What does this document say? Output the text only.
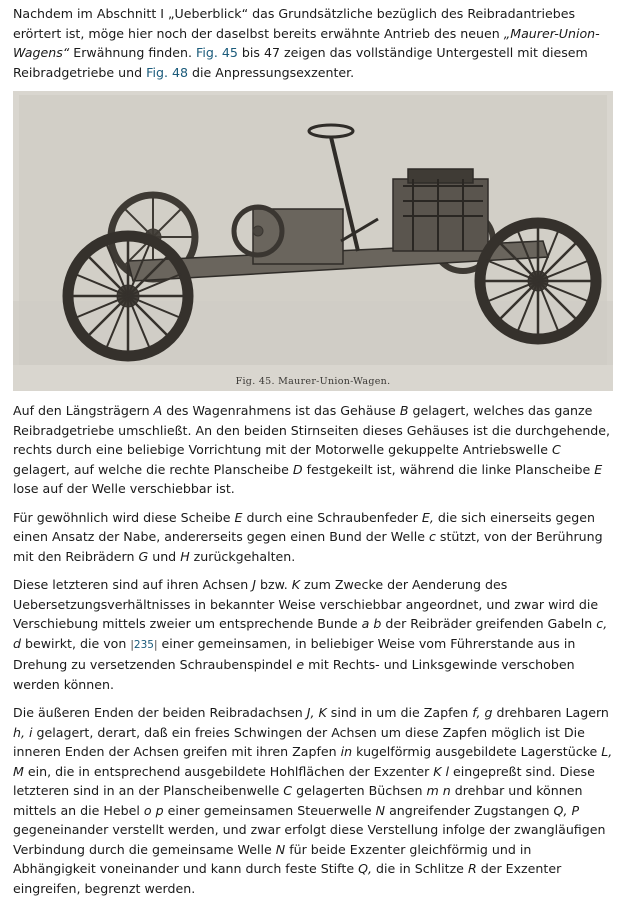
Nachdem im Abschnitt I „Ueberblick“ das Grundsätzliche bezüglich des Reibradantriebes erörtert ist, möge hier noch der daselbst bereits erwähnte Antrieb des neuen „Maurer-Union-Wagens“ Erwähnung finden. Fig. 45 bis 47 zeigen das vollständige Untergestell mit diesem Reibradgetriebe und Fig. 48 die Anpressungsexzenter.

Fig. 45. Maurer-Union-Wagen.

Auf den Längsträgern A des Wagenrahmens ist das Gehäuse B gelagert, welches das ganze Reibradgetriebe umschließt. An den beiden Stirnseiten dieses Gehäuses ist die durchgehende, rechts durch eine beliebige Vorrichtung mit der Motorwelle gekuppelte Antriebswelle C gelagert, auf welche die rechte Planscheibe D festgekeilt ist, während die linke Planscheibe E lose auf der Welle verschiebbar ist.

Für gewöhnlich wird diese Scheibe E durch eine Schraubenfeder E, die sich einerseits gegen einen Ansatz der Nabe, andererseits gegen einen Bund der Welle c stützt, von der Berührung mit den Reibrädern G und H zurückgehalten.

Diese letzteren sind auf ihren Achsen J bzw. K zum Zwecke der Aenderung des Uebersetzungsverhältnisses in bekannter Weise verschiebbar angeordnet, und zwar wird die Verschiebung mittels zweier um entsprechende Bunde a b der Reibräder greifenden Gabeln c, d bewirkt, die von |235| einer gemeinsamen, in beliebiger Weise vom Führerstande aus in Drehung zu versetzenden Schraubenspindel e mit Rechts- und Linksgewinde verschoben werden können.

Die äußeren Enden der beiden Reibradachsen J, K sind in um die Zapfen f, g drehbaren Lagern h, i gelagert, derart, daß ein freies Schwingen der Achsen um diese Zapfen möglich ist Die inneren Enden der Achsen greifen mit ihren Zapfen in kugelförmig ausgebildete Lagerstücke L, M ein, die in entsprechend ausgebildete Hohlflächen der Exzenter K l eingepreßt sind. Diese letzteren sind in an der Planscheibenwelle C gelagerten Büchsen m n drehbar und können mittels an die Hebel o p einer gemeinsamen Steuerwelle N angreifender Zugstangen Q, P gegeneinander verstellt werden, und zwar erfolgt diese Verstellung infolge der zwangläufigen Verbindung durch die gemeinsame Welle N für beide Exzenter gleichförmig und in Abhängigkeit voneinander und kann durch feste Stifte Q, die in Schlitze R der Exzenter eingreifen, begrenzt werden.
